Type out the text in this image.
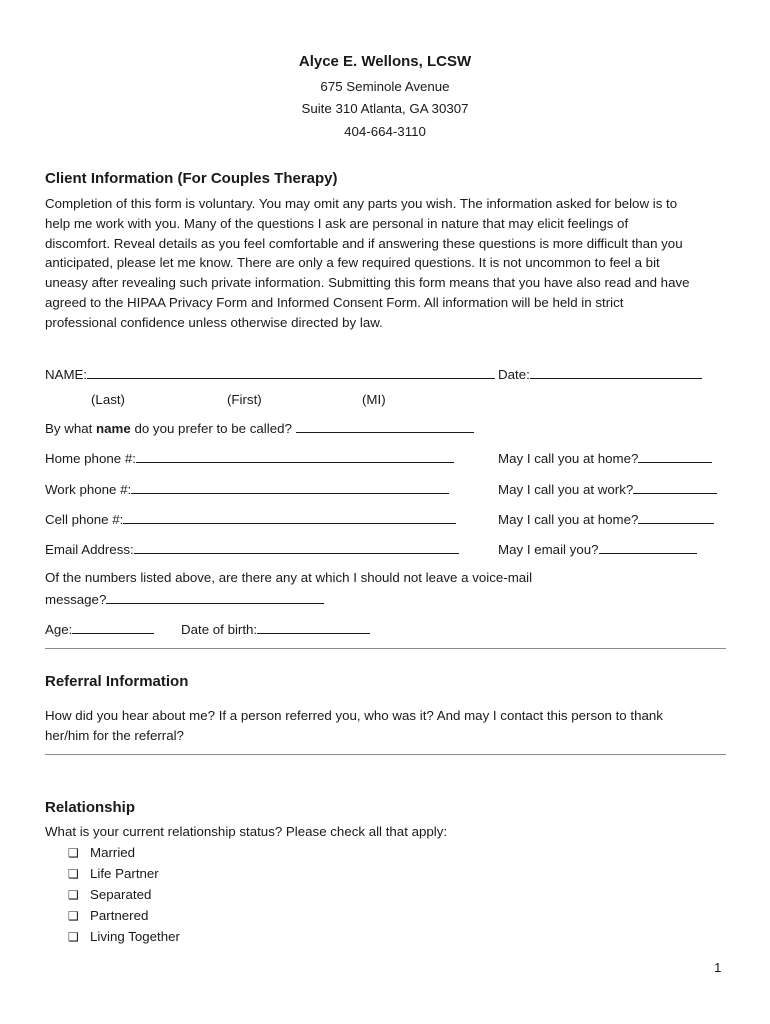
Alyce E. Wellons, LCSW
675 Seminole Avenue
Suite 310 Atlanta, GA 30307
404-664-3110
Client Information (For Couples Therapy)
Completion of this form is voluntary. You may omit any parts you wish. The information asked for below is to
help me work with you. Many of the questions I ask are personal in nature that may elicit feelings of
discomfort. Reveal details as you feel comfortable and if answering these questions is more difficult than you
anticipated, please let me know. There are only a few required questions. It is not uncommon to feel a bit
uneasy after revealing such private information. Submitting this form means that you have also read and have
agreed to the HIPAA Privacy Form and Informed Consent Form. All information will be held in strict
professional confidence unless otherwise directed by law.
NAME:	Date:
(Last)	(First)	(MI)
By what name do you prefer to be called?
Home phone #:	May I call you at home?
Work phone #:	May I call you at work?
Cell phone #:	May I call you at home?
Email Address:	May I email you?
Of the numbers listed above, are there any at which I should not leave a voice-mail
message?
Age:	Date of birth:
Referral Information
How did you hear about me? If a person referred you, who was it? And may I contact this person to thank
her/him for the referral?
Relationship
What is your current relationship status? Please check all that apply:
❑ Married
❑ Life Partner
❑ Separated
❑ Partnered
❑ Living Together
1
